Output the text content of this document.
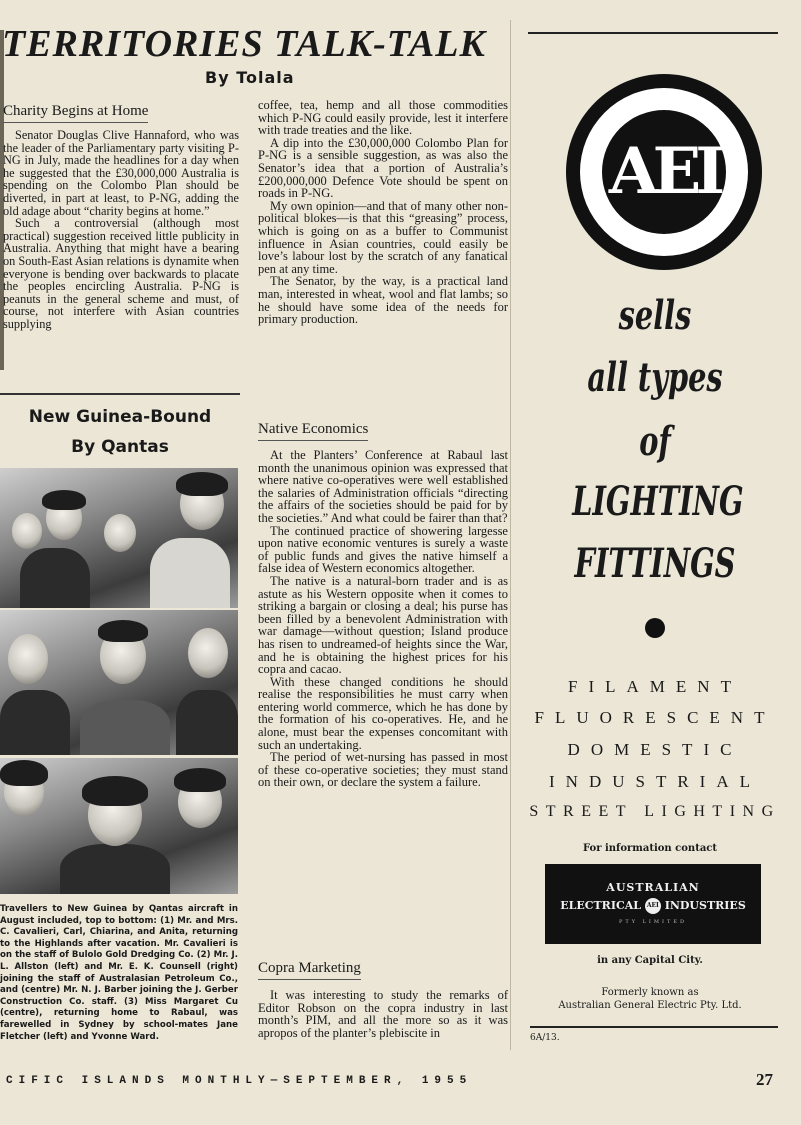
TERRITORIES TALK-TALK
By Tolala
Charity Begins at Home

Senator Douglas Clive Hannaford, who was the leader of the Parliamentary party visiting P-NG in July, made the headlines for a day when he suggested that the £30,000,000 Australia is spending on the Colombo Plan should be diverted, in part at least, to P-NG, adding the old adage about “charity begins at home.”

Such a controversial (although most practical) suggestion received little publicity in Australia. Anything that might have a bearing on South-East Asian relations is dynamite when everyone is bending over backwards to placate the peoples encircling Australia. P-NG is peanuts in the general scheme and must, of course, not interfere with Asian countries supplying

New Guinea-Bound
By Qantas
Travellers to New Guinea by Qantas aircraft in August included, top to bottom: (1) Mr. and Mrs. C. Cavalieri, Carl, Chiarina, and Anita, returning to the Highlands after vacation. Mr. Cavalieri is on the staff of Bulolo Gold Dredging Co. (2) Mr. J. L. Allston (left) and Mr. E. K. Counsell (right) joining the staff of Australasian Petroleum Co., and (centre) Mr. N. J. Barber joining the J. Gerber Construction Co. staff. (3) Miss Margaret Cu (centre), returning home to Rabaul, was farewelled in Sydney by school-mates Jane Fletcher (left) and Yvonne Ward.

coffee, tea, hemp and all those commodities which P-NG could easily provide, lest it interfere with trade treaties and the like.

A dip into the £30,000,000 Colombo Plan for P-NG is a sensible suggestion, as was also the Senator’s idea that a portion of Australia’s £200,000,000 Defence Vote should be spent on roads in P-NG.

My own opinion—and that of many other non-political blokes—is that this “greasing” process, which is going on as a buffer to Communist influence in Asian countries, could easily be love’s labour lost by the scratch of any fanatical pen at any time.

The Senator, by the way, is a practical land man, interested in wheat, wool and flat lambs; so he should have some idea of the needs for primary production.

Native Economics

At the Planters’ Conference at Rabaul last month the unanimous opinion was expressed that where native co-operatives were well established the salaries of Administration officials “directing the affairs of the societies should be paid for by the societies.” And what could be fairer than that?

The continued practice of showering largesse upon native economic ventures is surely a waste of public funds and gives the native himself a false idea of Western economics altogether.

The native is a natural-born trader and is as astute as his Western opposite when it comes to striking a bargain or closing a deal; his purse has been filled by a benevolent Administration with war damage—without question; Island produce has risen to undreamed-of heights since the War, and he is obtaining the highest prices for his copra and cacao.

With these changed conditions he should realise the responsibilities he must carry when entering world commerce, which he has done by the formation of his co-operatives. He, and he alone, must bear the expenses concomitant with such an undertaking.

The period of wet-nursing has passed in most of these co-operative societies; they must stand on their own, or declare the system a failure.

Copra Marketing

It was interesting to study the remarks of Editor Robson on the copra industry in last month’s PIM, and all the more so as it was apropos of the planter’s plebiscite in

AEI
sells
all types
of
LIGHTING
FITTINGS
FILAMENT
FLUORESCENT
DOMESTIC
INDUSTRIAL
STREET LIGHTING
For information contact
AUSTRALIAN
ELECTRICAL AEI INDUSTRIES
PTY LIMITED
in any Capital City.
Formerly known as
Australian General Electric Pty. Ltd.
6A/13.
CIFIC ISLANDS MONTHLY—SEPTEMBER, 1955	27
